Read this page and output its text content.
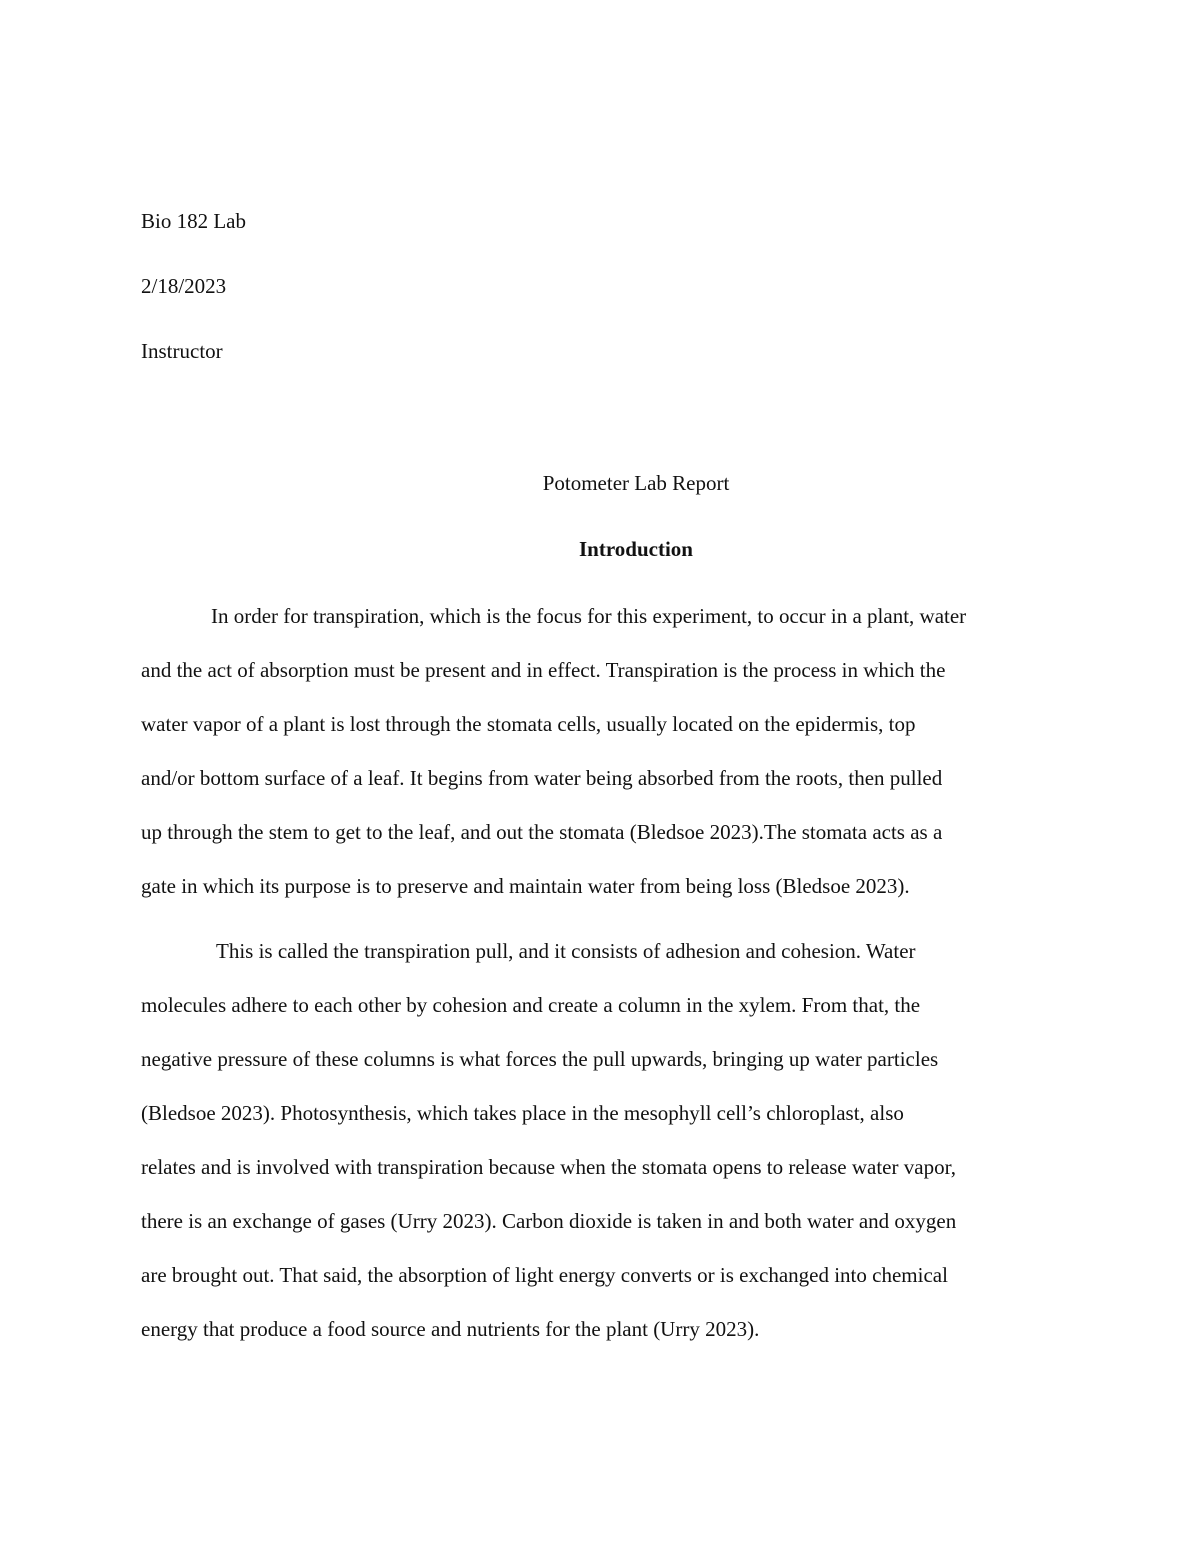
Bio 182 Lab

2/18/2023

Instructor

Potometer Lab Report
Introduction

In order for transpiration, which is the focus for this experiment, to occur in a plant, water

and the act of absorption must be present and in effect. Transpiration is the process in which the

water vapor of a plant is lost through the stomata cells, usually located on the epidermis, top

and/or bottom surface of a leaf. It begins from water being absorbed from the roots, then pulled

up through the stem to get to the leaf, and out the stomata (Bledsoe 2023).The stomata acts as a

gate in which its purpose is to preserve and maintain water from being loss (Bledsoe 2023).

This is called the transpiration pull, and it consists of adhesion and cohesion. Water

molecules adhere to each other by cohesion and create a column in the xylem. From that, the

negative pressure of these columns is what forces the pull upwards, bringing up water particles

(Bledsoe 2023). Photosynthesis, which takes place in the mesophyll cell’s chloroplast, also

relates and is involved with transpiration because when the stomata opens to release water vapor,

there is an exchange of gases (Urry 2023). Carbon dioxide is taken in and both water and oxygen

are brought out. That said, the absorption of light energy converts or is exchanged into chemical

energy that produce a food source and nutrients for the plant (Urry 2023).
